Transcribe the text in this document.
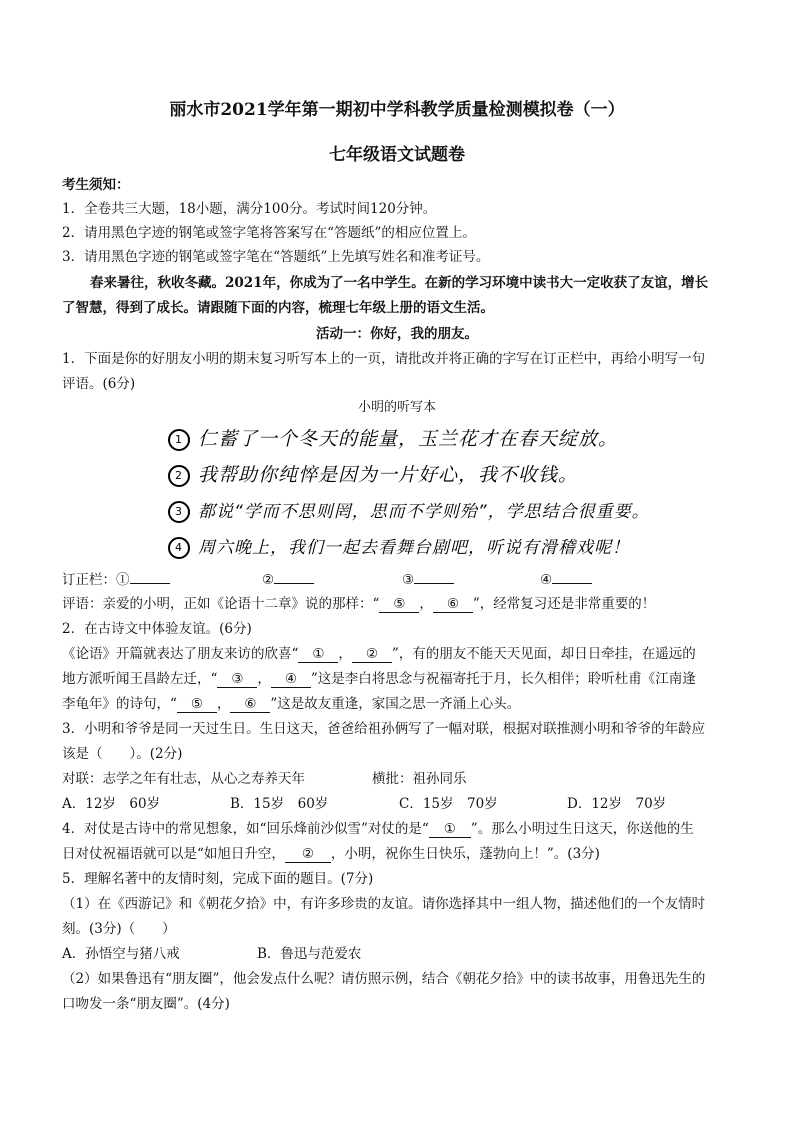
丽水市2021学年第一期初中学科教学质量检测模拟卷（一）
七年级语文试题卷
考生须知：
1．全卷共三大题，18小题，满分100分。考试时间120分钟。
2．请用黑色字迹的钢笔或签字笔将答案写在“答题纸”的相应位置上。
3．请用黑色字迹的钢笔或签字笔在“答题纸”上先填写姓名和准考证号。
春来暑往，秋收冬藏。2021年，你成为了一名中学生。在新的学习环境中读书大一定收获了友谊，增长
了智慧，得到了成长。请跟随下面的内容，梳理七年级上册的语文生活。
活动一：你好，我的朋友。
1．下面是你的好朋友小明的期末复习听写本上的一页，请批改并将正确的字写在订正栏中，再给小明写一句
评语。(6分)
小明的听写本
1 仁蓄了一个冬天的能量，玉兰花才在春天绽放。
2 我帮助你纯悴是因为一片好心，我不收钱。
3 都说“学而不思则罔，思而不学则殆”，学思结合很重要。
4 周六晚上，我们一起去看舞台剧吧，听说有滑稽戏呢！
订正栏：①	②	③	④
评语：亲爱的小明，正如《论语十二章》说的那样：“ ⑤ ， ⑥ ”，经常复习还是非常重要的！
2．在古诗文中体验友谊。(6分)
《论语》开篇就表达了朋友来访的欣喜“ ① ， ② ”，有的朋友不能天天见面，却日日牵挂，在遥远的
地方派听闻王昌龄左迁，“ ③ ， ④ ”这是李白将思念与祝福寄托于月，长久相伴；聆听杜甫《江南逢
李龟年》的诗句，“ ⑤ ， ⑥ ”这是故友重逢，家国之思一齐涌上心头。
3．小明和爷爷是同一天过生日。生日这天，爸爸给祖孙俩写了一幅对联，根据对联推测小明和爷爷的年龄应
该是（　　）。(2分)
对联：志学之年有壮志，从心之寿养天年	横批：祖孙同乐
A．12岁　60岁	B．15岁　60岁	C．15岁　70岁	D．12岁　70岁
4．对仗是古诗中的常见想象，如“回乐烽前沙似雪”对仗的是“ ① ”。那么小明过生日这天，你送他的生
日对仗祝福语就可以是“如旭日升空， ② ，小明，祝你生日快乐，蓬勃向上！”。(3分)
5．理解名著中的友情时刻，完成下面的题目。(7分)
（1）在《西游记》和《朝花夕拾》中，有许多珍贵的友谊。请你选择其中一组人物，描述他们的一个友情时
刻。(3分)（　　）
A．孙悟空与猪八戒	B．鲁迅与范爱农
（2）如果鲁迅有“朋友圈”，他会发点什么呢？请仿照示例，结合《朝花夕拾》中的读书故事，用鲁迅先生的
口吻发一条“朋友圈”。(4分)
